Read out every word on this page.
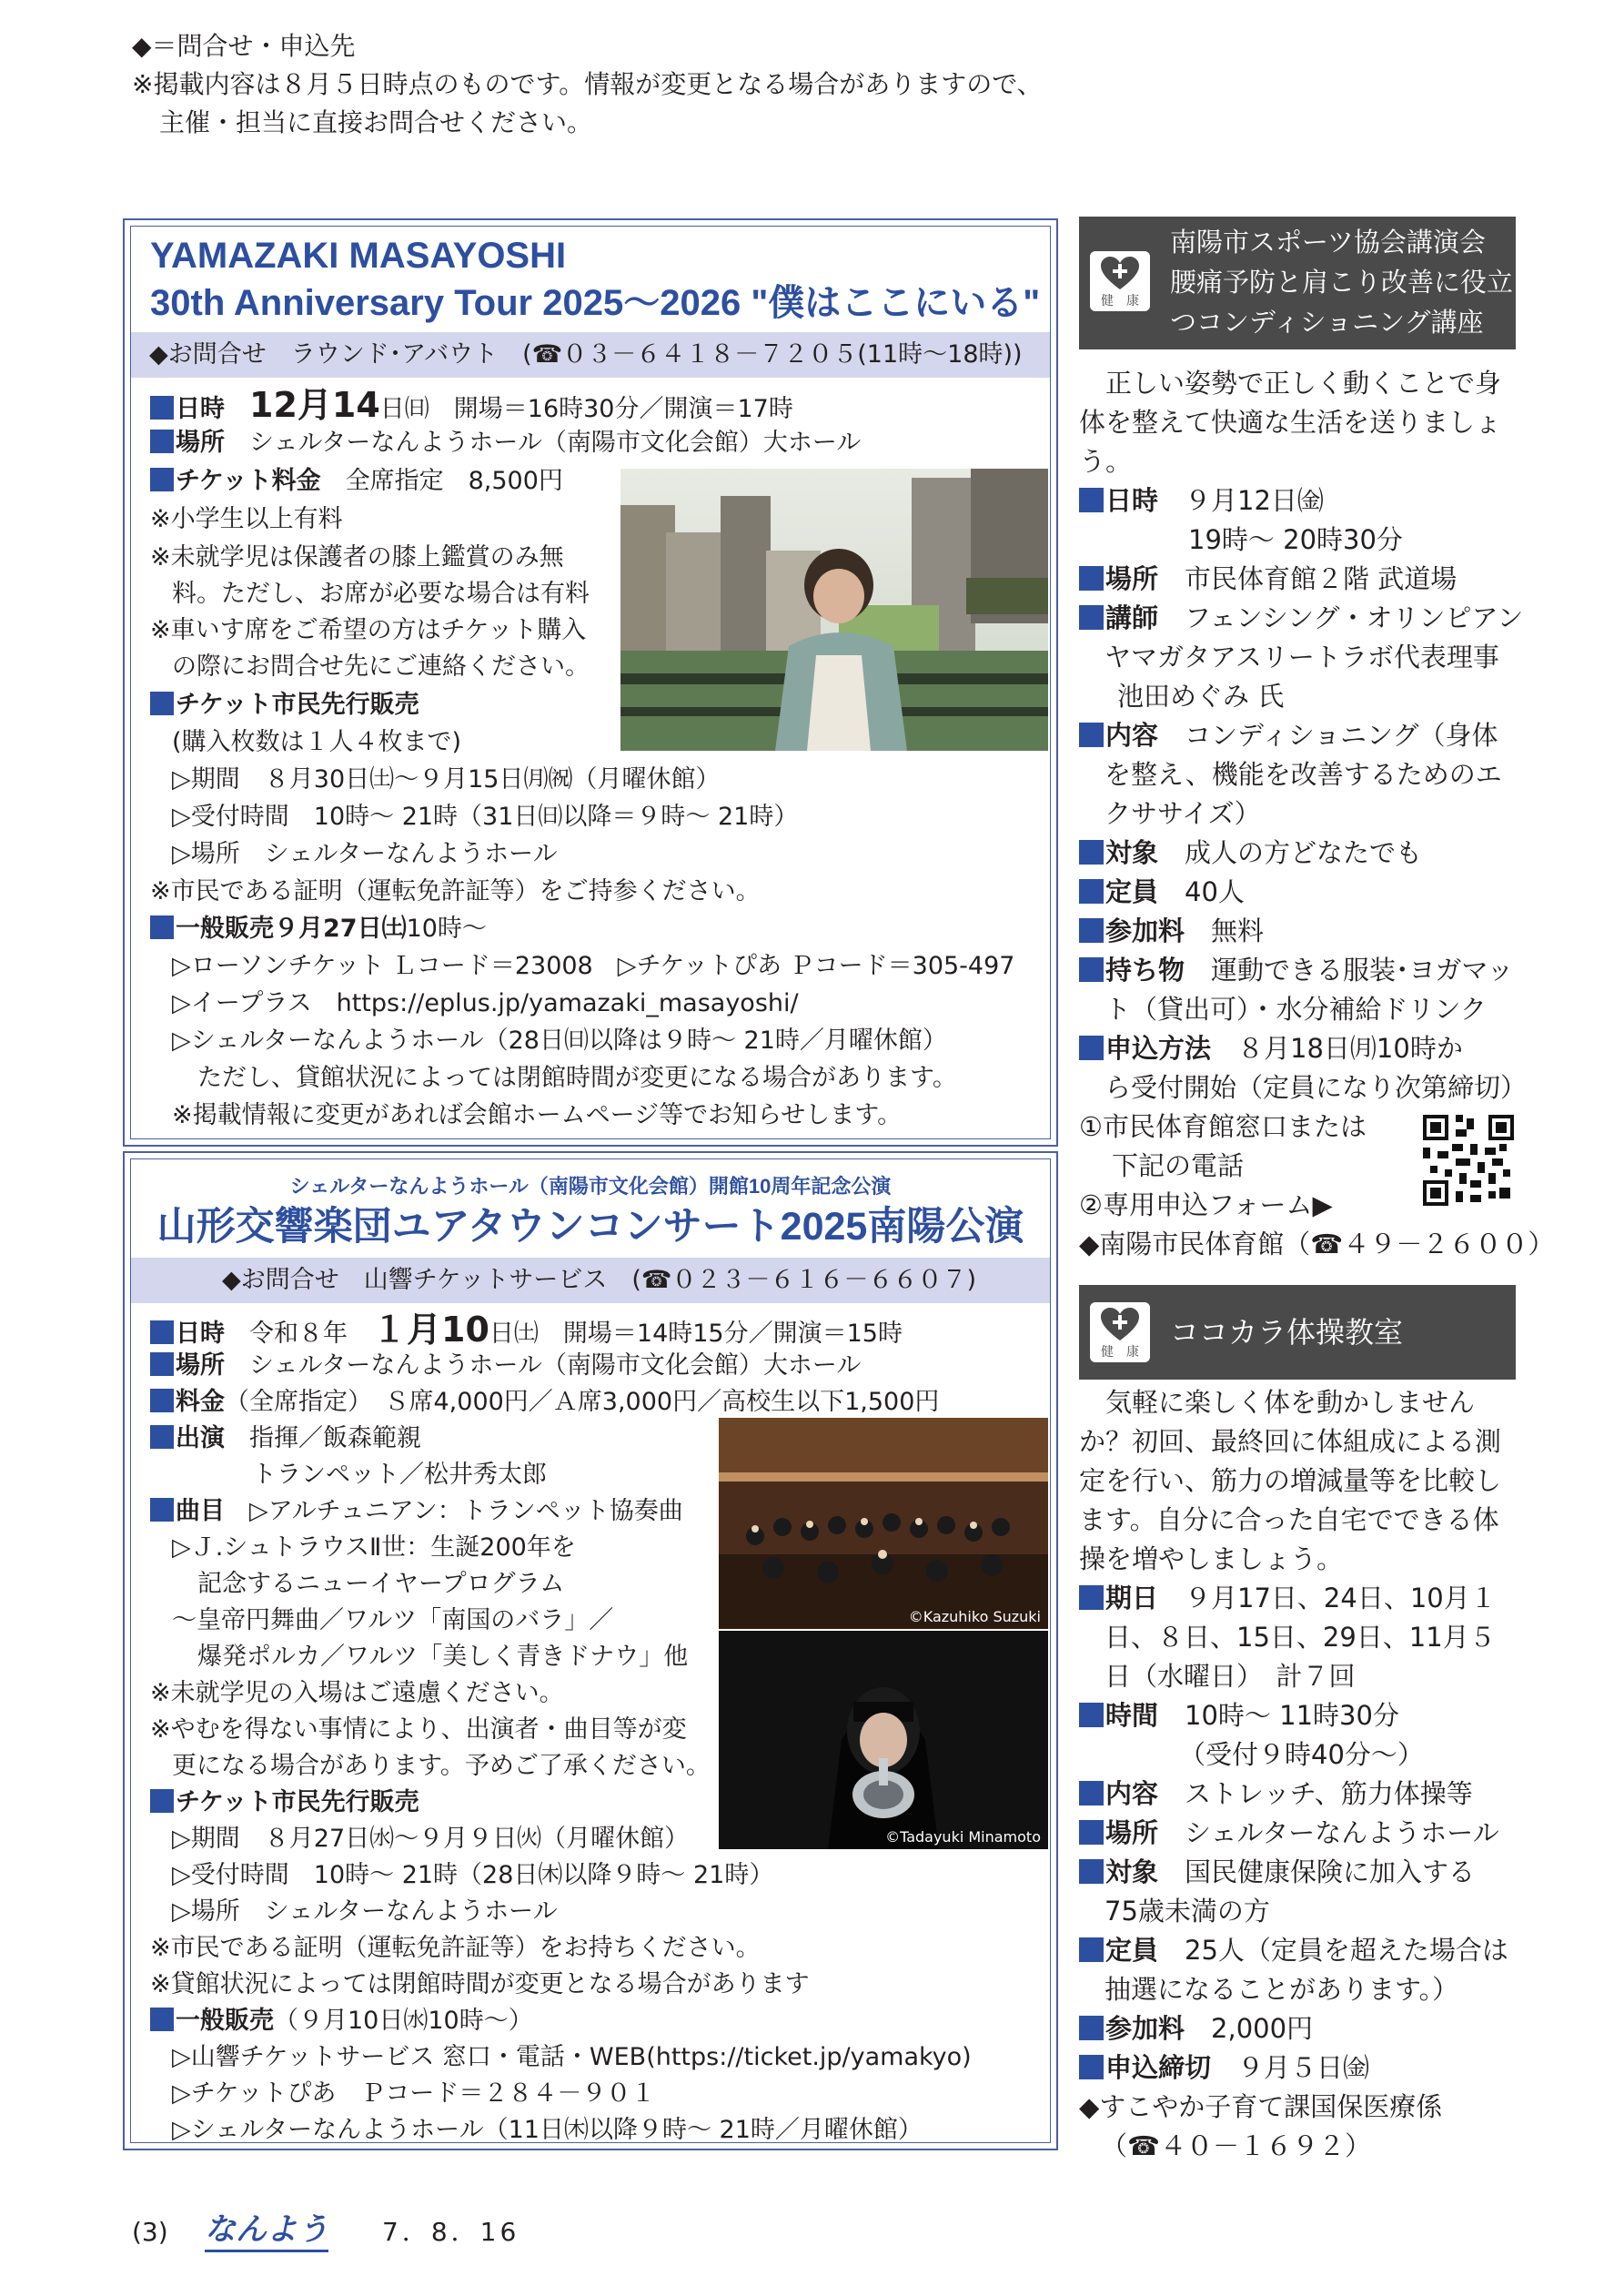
◆＝問合せ・申込先
※掲載内容は８月５日時点のものです。情報が変更となる場合がありますので、
主催・担当に直接お問合せください。
YAMAZAKI MASAYOSHI
30th Anniversary Tour 2025～2026 "僕はここにいる"
◆お問合せ　ラウンド･アバウト　(☎０３－６４１８－７２０５(11時～18時))
日時　 12月14日㈰　開場＝16時30分／開演＝17時
場所　 シェルターなんようホール（南陽市文化会館）大ホール
チケット料金　 全席指定　8,500円
※小学生以上有料
※未就学児は保護者の膝上鑑賞のみ無
料。ただし、お席が必要な場合は有料
※車いす席をご希望の方はチケット購入
の際にお問合せ先にご連絡ください。
チケット市民先行販売
(購入枚数は１人４枚まで)
▷期間　８月30日㈯～９月15日㈪㈷（月曜休館）
▷受付時間　10時～ 21時（31日㈰以降＝９時～ 21時）
▷場所　シェルターなんようホール
※市民である証明（運転免許証等）をご持参ください。
一般販売９月27日㈯10時～
▷ローソンチケット Ｌコード＝23008　▷チケットぴあ Ｐコード＝305-497
▷イープラス　https://eplus.jp/yamazaki_masayoshi/
▷シェルターなんようホール（28日㈰以降は９時～ 21時／月曜休館）
ただし、貸館状況によっては閉館時間が変更になる場合があります。
※掲載情報に変更があれば会館ホームページ等でお知らせします。
シェルターなんようホール（南陽市文化会館）開館10周年記念公演
山形交響楽団ユアタウンコンサート2025南陽公演
◆お問合せ　山響チケットサービス　(☎０２３－６１６－６６０７)
日時　 令和８年　 １月10日㈯　開場＝14時15分／開演＝15時
場所　 シェルターなんようホール（南陽市文化会館）大ホール
料金（全席指定）　Ｓ席4,000円／Ａ席3,000円／高校生以下1,500円
出演　 指揮／飯森範親
トランペット／松井秀太郎
曲目　 ▷アルチュニアン：トランペット協奏曲
▷Ｊ.シュトラウスⅡ世：生誕200年を
記念するニューイヤープログラム
～皇帝円舞曲／ワルツ「南国のバラ」／
爆発ポルカ／ワルツ「美しく青きドナウ」他
※未就学児の入場はご遠慮ください。
※やむを得ない事情により、出演者・曲目等が変
更になる場合があります。予めご了承ください。
チケット市民先行販売
▷期間　８月27日㈬～９月９日㈫（月曜休館）
▷受付時間　10時～ 21時（28日㈭以降９時～ 21時）
▷場所　シェルターなんようホール
※市民である証明（運転免許証等）をお持ちください。
※貸館状況によっては閉館時間が変更となる場合があります
一般販売（９月10日㈬10時～）
▷山響チケットサービス 窓口・電話・WEB(https://ticket.jp/yamakyo)
▷チケットぴあ　Ｐコード＝２８４－９０１
▷シェルターなんようホール（11日㈭以降９時～ 21時／月曜休館）
©Kazuhiko Suzuki
©Tadayuki Minamoto
健　康
南陽市スポーツ協会講演会
腰痛予防と肩こり改善に役立
つコンディショニング講座
　正しい姿勢で正しく動くことで身
体を整えて快適な生活を送りましょ
う。
日時　 ９月12日㈮
19時～ 20時30分
場所　 市民体育館２階 武道場
講師　 フェンシング・オリンピアン
ヤマガタアスリートラボ代表理事
池田めぐみ 氏
内容　 コンディショニング（身体
を整え、機能を改善するためのエ
クササイズ）
対象　 成人の方どなたでも
定員　 40人
参加料　 無料
持ち物　 運動できる服装･ヨガマッ
ト（貸出可）・水分補給ドリンク
申込方法　 ８月18日㈪10時か
ら受付開始（定員になり次第締切）
①市民体育館窓口または
下記の電話
②専用申込フォーム▶
◆南陽市民体育館（☎４９－２６００）
健　康
ココカラ体操教室
　気軽に楽しく体を動かしません
か？初回、最終回に体組成による測
定を行い、筋力の増減量等を比較し
ます。自分に合った自宅でできる体
操を増やしましょう。
期日　 ９月17日、24日、10月１
日、８日、15日、29日、11月５
日（水曜日）　計７回
時間　 10時～ 11時30分
（受付９時40分～）
内容　 ストレッチ、筋力体操等
場所　 シェルターなんようホール
対象　 国民健康保険に加入する
75歳未満の方
定員　 25人（定員を超えた場合は
抽選になることがあります。）
参加料　 2,000円
申込締切　 ９月５日㈮
◆すこやか子育て課国保医療係
（☎４０－１６９２）
(3) なんよう 7．8．16
